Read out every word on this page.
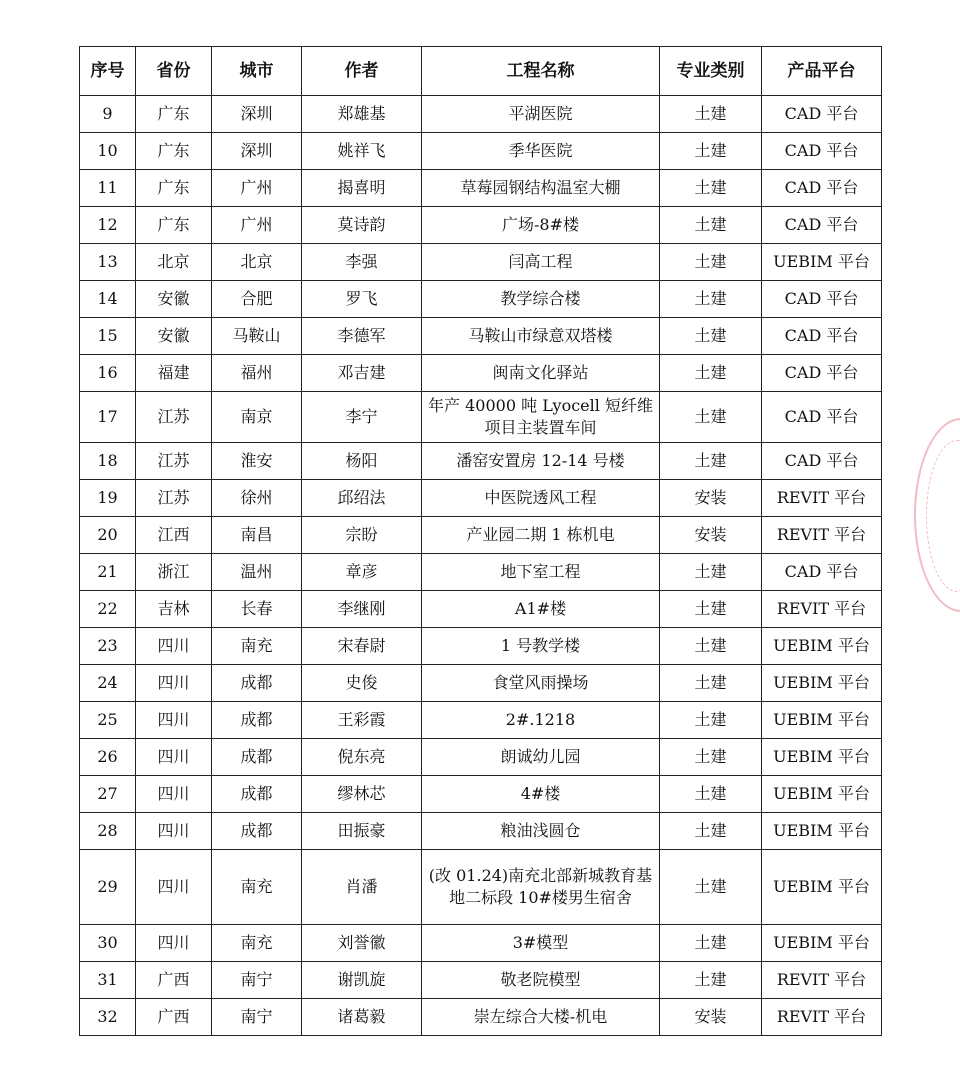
序号	省份	城市	作者	工程名称	专业类别	产品平台
9	广东	深圳	郑雄基	平湖医院	土建	CAD 平台
10	广东	深圳	姚祥飞	季华医院	土建	CAD 平台
11	广东	广州	揭喜明	草莓园钢结构温室大棚	土建	CAD 平台
12	广东	广州	莫诗韵	广场-8#楼	土建	CAD 平台
13	北京	北京	李强	闫高工程	土建	UEBIM 平台
14	安徽	合肥	罗飞	教学综合楼	土建	CAD 平台
15	安徽	马鞍山	李德军	马鞍山市绿意双塔楼	土建	CAD 平台
16	福建	福州	邓吉建	闽南文化驿站	土建	CAD 平台
17	江苏	南京	李宁	年产 40000 吨 Lyocell 短纤维项目主装置车间	土建	CAD 平台
18	江苏	淮安	杨阳	潘窑安置房 12-14 号楼	土建	CAD 平台
19	江苏	徐州	邱绍法	中医院透风工程	安装	REVIT 平台
20	江西	南昌	宗盼	产业园二期 1 栋机电	安装	REVIT 平台
21	浙江	温州	章彦	地下室工程	土建	CAD 平台
22	吉林	长春	李继刚	A1#楼	土建	REVIT 平台
23	四川	南充	宋春尉	1 号教学楼	土建	UEBIM 平台
24	四川	成都	史俊	食堂风雨操场	土建	UEBIM 平台
25	四川	成都	王彩霞	2#.1218	土建	UEBIM 平台
26	四川	成都	倪东亮	朗诚幼儿园	土建	UEBIM 平台
27	四川	成都	缪林芯	4#楼	土建	UEBIM 平台
28	四川	成都	田振豪	粮油浅圆仓	土建	UEBIM 平台
29	四川	南充	肖潘	(改 01.24)南充北部新城教育基地二标段 10#楼男生宿舍	土建	UEBIM 平台
30	四川	南充	刘誉徽	3#模型	土建	UEBIM 平台
31	广西	南宁	谢凯旋	敬老院模型	土建	REVIT 平台
32	广西	南宁	诸葛毅	崇左综合大楼-机电	安装	REVIT 平台
